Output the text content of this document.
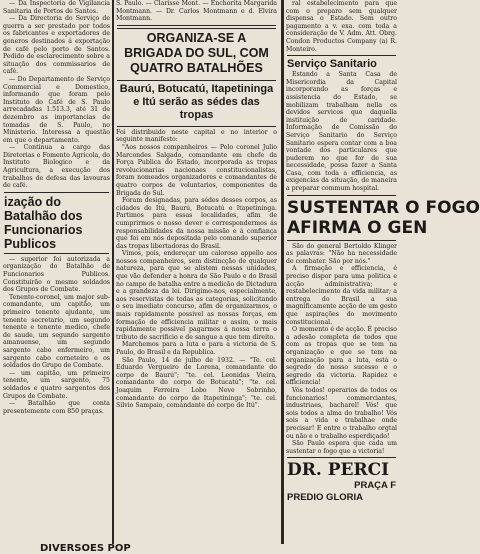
— Da Inspectoria de Vigilancia Sanitaria de Portos de Santos.

— Da Directoria do Serviço de guerra a ser prestado por todos os fabricantes e exportadores de generos destinados á exportação de café pelo porto de Santos. Pedido de esclarecimento sobre a situação dos commissarios de café.

— Do Departamento de Serviço Commercial e Domestico, informando que foram pelo Instituto do Café de S. Paulo arrecadadas 1.513.3, até 31 de dezembro as importancias de tomadas de S. Paulo, no Ministerio. Interessa a questão em que o departamento.

— Continua a cargo das Diretorias e Fomento Agricola, do Instituto Biologico e da Agricultura, a execução dos trabalhos de defesa das lavouras de café.

ização do Batalhão dos Funcionarios Publicos

— superior foi autorizada a organização do Batalhão de Funcionarios Publicos. Constituirão o mesmo soldados dos Grupos de Combate.

Tenente-coronel, um major sub-comandante, um capitão, um primeiro tenente ajudante, um tenente secretario, um segundo tenente e tenente medico, chefe de saude, um segundo sargento amanuense, um segundo sargento cabo enfermeiro, um sargento cabo corneteiro e os soldados do Grupo de Combate.

— um capitão, um primeiro tenente, um sargento, 75 soldados e quatro sargentos dos Grupos de Combate.

— Batalhão que conta presentemente com 850 praças.

S. Paulo. — Clarisse Mont. — Enchorita Margarida Montmann. — Dr. Carlos Montmann e d. Elvira Montmann.

ORGANIZA-SE A BRIGADA DO SUL, COM QUATRO BATALHÕES
Baurú, Botucatú, Itapetininga e Itú serão as sédes das tropas

Foi distribuido neste capital e no interior o seguinte manifesto:

"Aos nossos companheiros — Pelo coronel Julio Marcondes Salgado, comandante em chefe da Força Publica do Estado, incorporada as tropas revolucionarias nacionaes constitucionalistas, foram nomeados organizadores e comandantes de quatro corpos de voluntarios, componentes da Brigada do Sul.

Foram designadas, para sédes desses corpos, as cidades de Itú, Baurú, Botucatú e Itapetininga. Partimos para essas localidades, afim de cumprirmos o nosso dever e correspondermos ás responsabilidades da nossa missão e á confiança que foi em nós depositada pelo comando superior das tropas libertadoras do Brasil.

Vimos, pois, endereçar um caloroso appello aos nossos companheiros, sem distincção de qualquer natureza, para que se alistem nessas unidades, que vão defender a honra de São Paulo e do Brasil no campo de batalha entre a medicão de Dictadura e a grandeza da lei. Dirigimo-nos, especialmente, aos reservistas de todas as categorias, solicitando o seu imediato concurso, afim de organizarmos, o mais rapidamente possivel as nossas forças, em formação de efficiencia militar e assim, o mais rapidamente possivel pagarmos á nossa terra o tributo de sacrificio e de sangue a que tem direito.

Marchemos para a luta e para a victoria de S. Paulo, do Brasil e da Republica.

São Paulo, 14 de julho de 1932. — "Te. cel. Eduardo Vergueiro de Lorena, comandante do corpo de Baurú"; "te. cel. Leonidas Vieira, comandante do corpo de Botucatú"; "te. cel. Joaquim Ferreira Lobo Neve Sobrinho, comandante do corpo de Itapetininga"; "te. cel. Silvio Sampaio, comandante do corpo de Itú".

ral estabelecimento para que com o preparo sem qualquer dispensa o Estado. Sem outro pagamento a v. exa. com toda a consideração de V. Adm. Att. Obrg. Condon Productos Company (a) R. Monteiro.

Serviço Sanitario

Estando a Santa Casa de Misericordia da Capital incorporando as forças e assistencia do Estado, se mobilizam trabalham nella os devidos servicos que daquella instituição de caridade. Informação de Comissão do Serviço Sanitario do Serviço Sanitario espera contar com a boa vontade dos particulares que puderem no que for de sua necessidade, possa fazer a Santa Casa, com toda a efficiencia, as exigencias da situação, de maneira a preparar commum hospital.

SUSTENTAR O FOGO
AFIRMA O GEN

São do general Bertoldo Klinger as palavras: "Não ha necessidade de combater. São por nós."

A firmação e efficiencia, é preciso dispor para uma politica e acção administrativa; e restabelecimento da vida militar; a entrega do Brasil a sua magnificamente acção de um gesto que aspirações do movimento constitucional.

O momento é de acção. É preciso a adesão completa de todos que com as tropas que se tem na organização e que se tem na organização para a luta, está o segredo do nosso sucesso e o segredo da victoria. Rapidez e efficiencia!

Vós todos! operarios de todos os funcionarios! commerciantes, industriaes, bacharel! Vós! que sois todos a alma do trabalho! Vós sois a vida e trabalhae onde precisar! E entre o trabalho orgtal ou não e o trabalho esperdiçado!

São Paulo espera que cada um sustentar o fogo que a victoria!

DR. PERCI

PRAÇA F

PREDIO GLORIA

DIVERSOES POP
